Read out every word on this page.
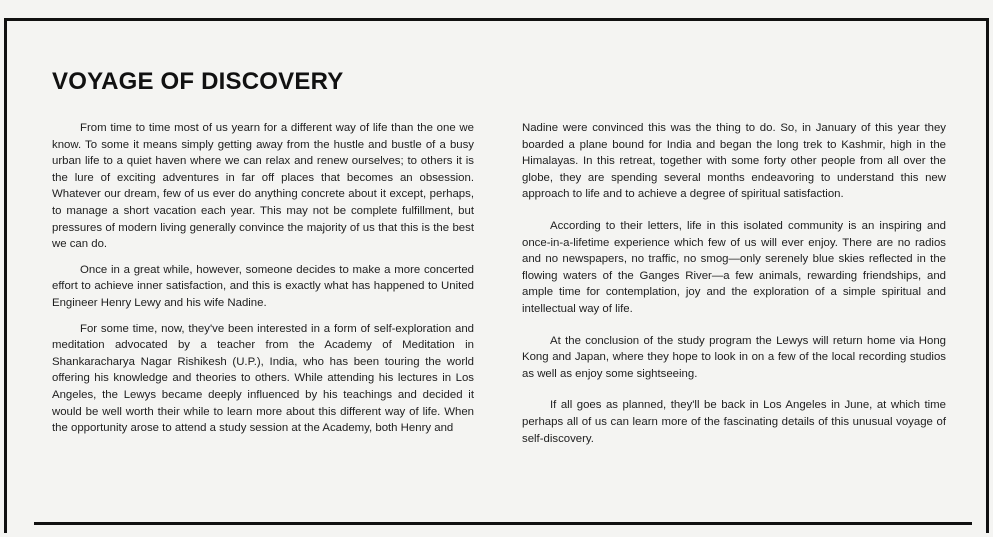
VOYAGE OF DISCOVERY

From time to time most of us yearn for a different way of life than the one we know. To some it means simply getting away from the hustle and bustle of a busy urban life to a quiet haven where we can relax and renew ourselves; to others it is the lure of exciting adventures in far off places that becomes an obsession. Whatever our dream, few of us ever do anything concrete about it except, perhaps, to manage a short vacation each year. This may not be complete fulfillment, but pressures of modern living generally convince the majority of us that this is the best we can do.

Once in a great while, however, someone decides to make a more concerted effort to achieve inner satisfaction, and this is exactly what has happened to United Engineer Henry Lewy and his wife Nadine.

For some time, now, they've been interested in a form of self-exploration and meditation advocated by a teacher from the Academy of Meditation in Shankaracharya Nagar Rishikesh (U.P.), India, who has been touring the world offering his knowledge and theories to others. While attending his lectures in Los Angeles, the Lewys became deeply influenced by his teachings and decided it would be well worth their while to learn more about this different way of life. When the opportunity arose to attend a study session at the Academy, both Henry and

Nadine were convinced this was the thing to do. So, in January of this year they boarded a plane bound for India and began the long trek to Kashmir, high in the Himalayas. In this retreat, together with some forty other people from all over the globe, they are spending several months endeavoring to understand this new approach to life and to achieve a degree of spiritual satisfaction.

According to their letters, life in this isolated community is an inspiring and once-in-a-lifetime experience which few of us will ever enjoy. There are no radios and no newspapers, no traffic, no smog—only serenely blue skies reflected in the flowing waters of the Ganges River—a few animals, rewarding friendships, and ample time for contemplation, joy and the exploration of a simple spiritual and intellectual way of life.

At the conclusion of the study program the Lewys will return home via Hong Kong and Japan, where they hope to look in on a few of the local recording studios as well as enjoy some sightseeing.

If all goes as planned, they'll be back in Los Angeles in June, at which time perhaps all of us can learn more of the fascinating details of this unusual voyage of self-discovery.
